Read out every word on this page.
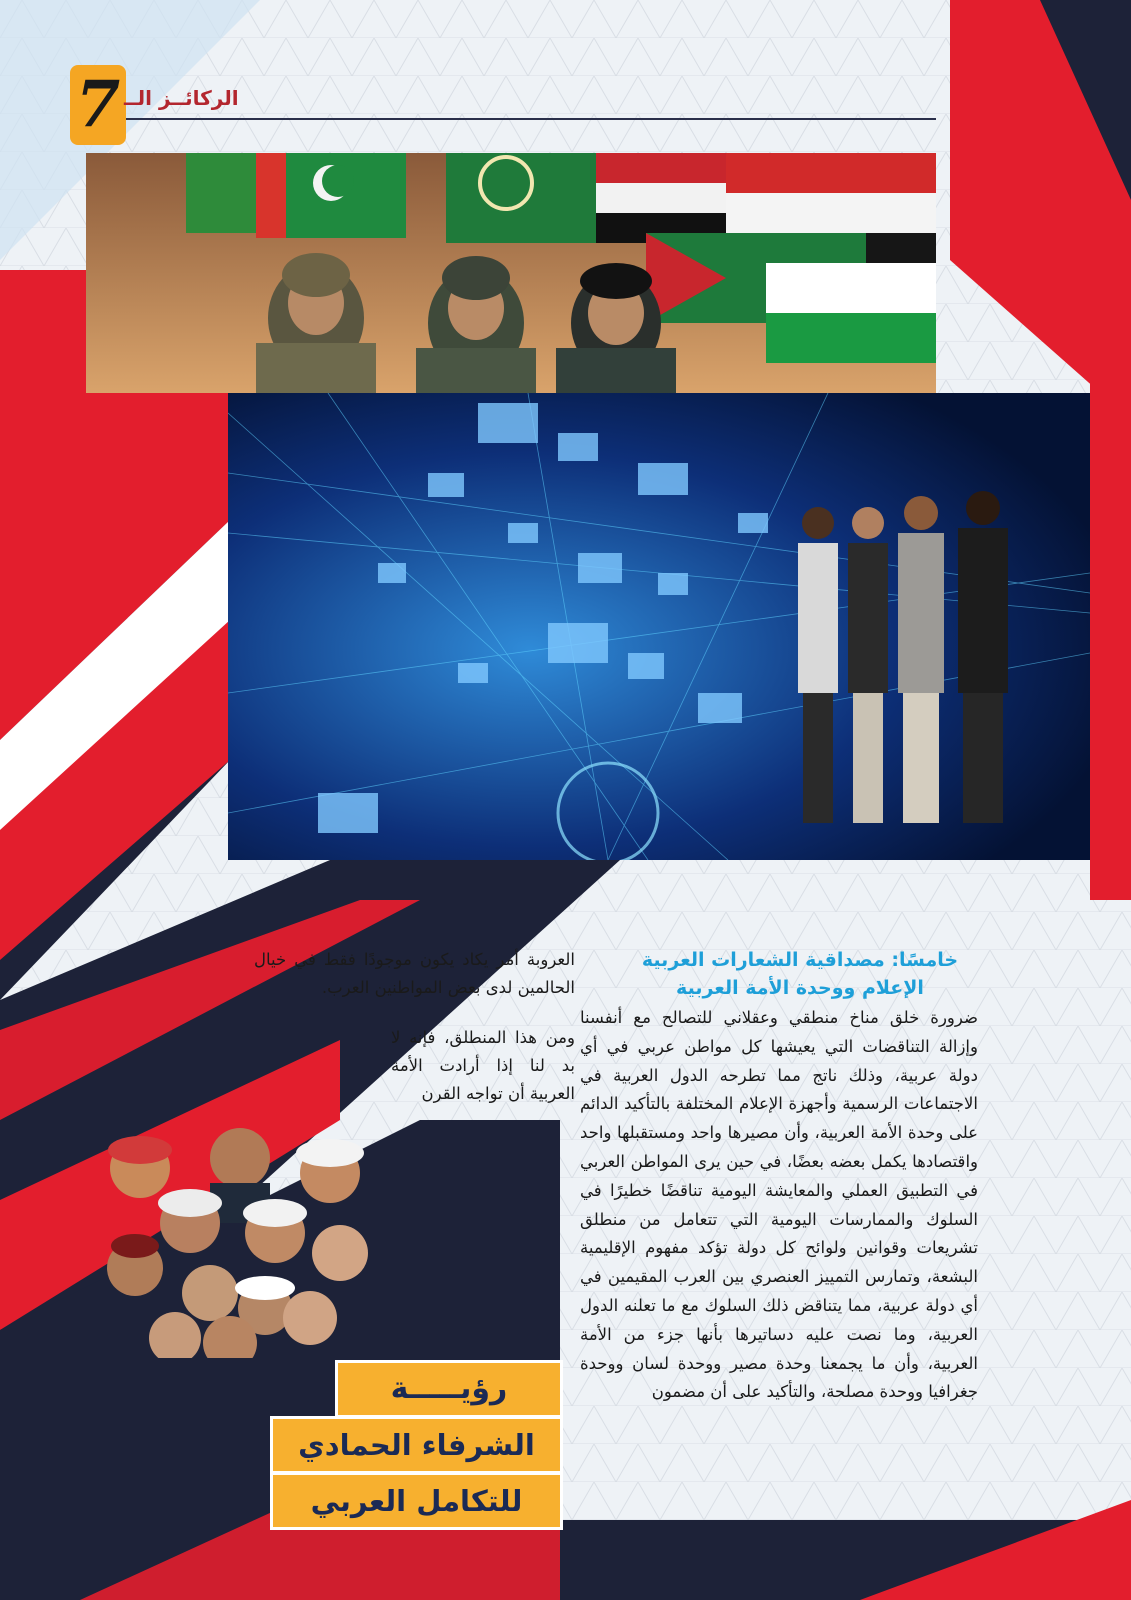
7 الركائــز الــ
خامسًا: مصداقية الشعارات العربية
الإعلام ووحدة الأمة العربية

ضرورة خلق مناخ منطقي وعقلاني للتصالح مع أنفسنا وإزالة التناقضات التي يعيشها كل مواطن عربي في أي دولة عربية، وذلك ناتج مما تطرحه الدول العربية في الاجتماعات الرسمية وأجهزة الإعلام المختلفة بالتأكيد الدائم على وحدة الأمة العربية، وأن مصيرها واحد ومستقبلها واحد واقتصادها يكمل بعضه بعضًا، في حين يرى المواطن العربي في التطبيق العملي والمعايشة اليومية تناقضًا خطيرًا في السلوك والممارسات اليومية التي تتعامل من منطلق تشريعات وقوانين ولوائح كل دولة تؤكد مفهوم الإقليمية البشعة، وتمارس التمييز العنصري بين العرب المقيمين في أي دولة عربية، مما يتناقض ذلك السلوك مع ما تعلنه الدول العربية، وما نصت عليه دساتيرها بأنها جزء من الأمة العربية، وأن ما يجمعنا وحدة مصير ووحدة لسان ووحدة جغرافيا ووحدة مصلحة، والتأكيد على أن مضمون

العروبة أمر يكاد يكون موجودًا فقط في خيال الحالمين لدى بعض المواطنين العرب.

ومن هذا المنطلق، فإنه لا بد لنا إذا أرادت الأمة العربية أن تواجه القرن

رؤيـــــة
الشرفاء الحمادي
للتكامل العربي
